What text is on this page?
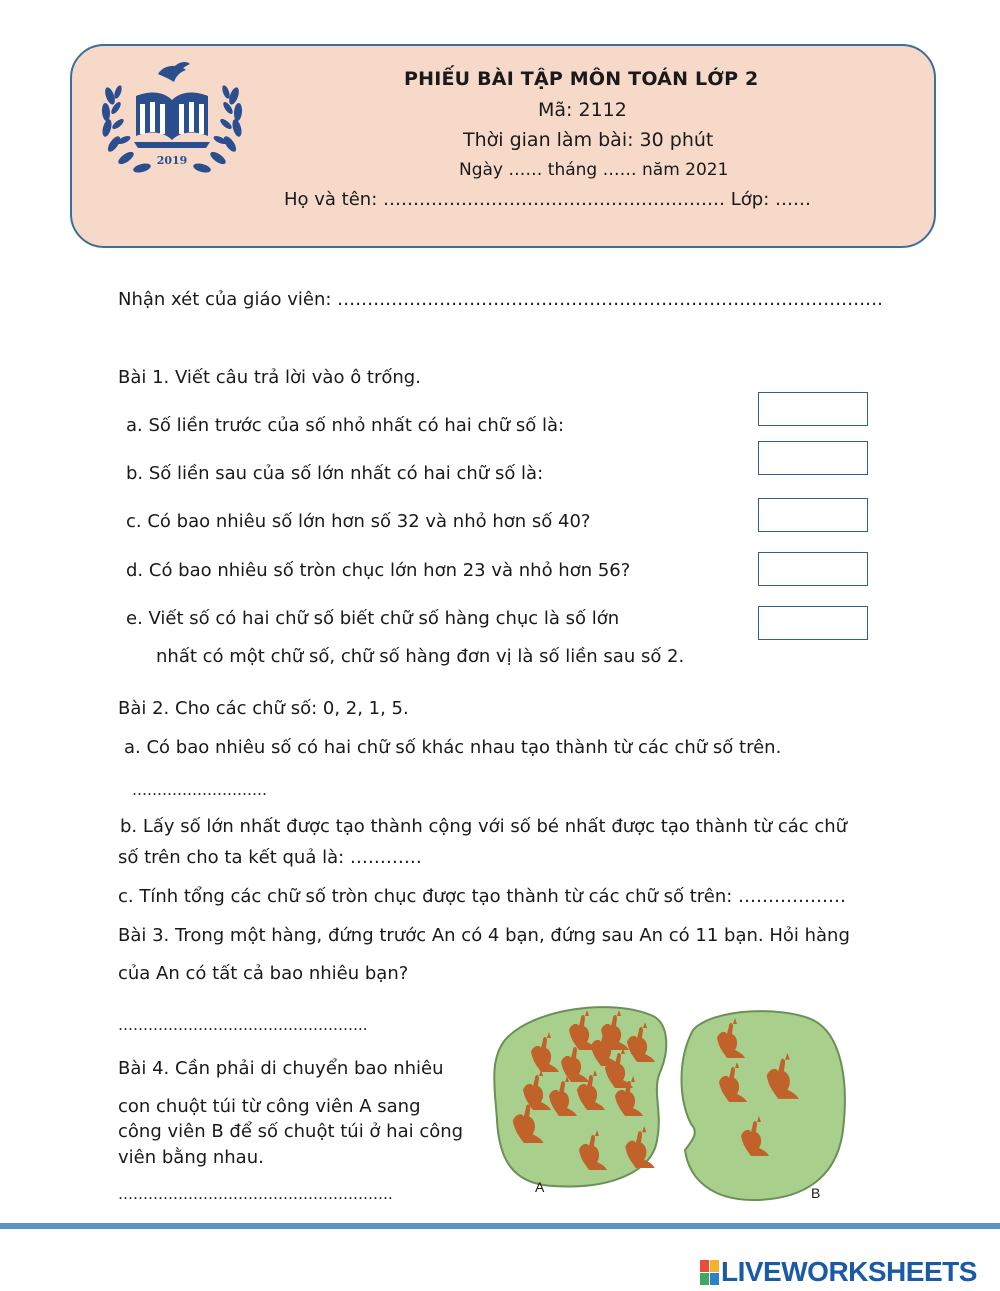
2019
PHIẾU BÀI TẬP MÔN TOÁN LỚP 2
Mã: 2112
Thời gian làm bài: 30 phút
Ngày …… tháng …… năm 2021
Họ và tên: ………………………………………………… Lớp: ……
Nhận xét của giáo viên: ……………………………………………………………………………….
Bài 1. Viết câu trả lời vào ô trống.
a. Số liền trước của số nhỏ nhất có hai chữ số là:
b. Số liền sau của số lớn nhất có hai chữ số là:
c. Có bao nhiêu số lớn hơn số 32 và nhỏ hơn số 40?
d. Có bao nhiêu số tròn chục lớn hơn 23 và nhỏ hơn 56?
e. Viết số có hai chữ số biết chữ số hàng chục là số lớn
nhất có một chữ số, chữ số hàng đơn vị là số liền sau số 2.
Bài 2. Cho các chữ số: 0, 2, 1, 5.
a. Có bao nhiêu số có hai chữ số khác nhau tạo thành từ các chữ số trên.
………………………
b. Lấy số lớn nhất được tạo thành cộng với số bé nhất được tạo thành từ các chữ
số trên cho ta kết quả là: …………
c. Tính tổng các chữ số tròn chục được tạo thành từ các chữ số trên: ………………
Bài 3. Trong một hàng, đứng trước An có 4 bạn, đứng sau An có 11 bạn. Hỏi hàng
của An có tất cả bao nhiêu bạn?
…………………………………………..
Bài 4. Cần phải di chuyển bao nhiêu
con chuột túi từ công viên A sang
công viên B để số chuột túi ở hai công
viên bằng nhau.
……………………………………………….	A	B
LIVEWORKSHEETS
